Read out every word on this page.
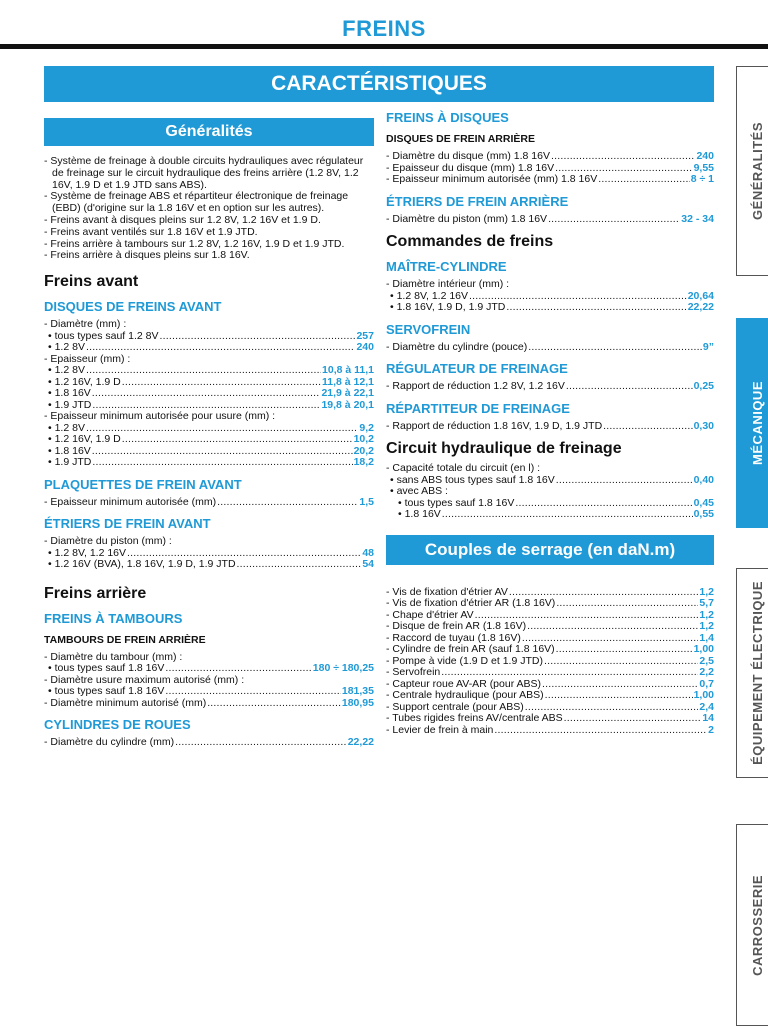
FREINS
CARACTÉRISTIQUES
Généralités

- Système de freinage à double circuits hydrauliques avec régulateur de freinage sur le circuit hydraulique des freins arrière (1.2 8V, 1.2 16V, 1.9 D et 1.9 JTD sans ABS).

- Système de freinage ABS et répartiteur électronique de freinage (EBD) (d'origine sur la 1.8 16V et en option sur les autres).

- Freins avant à disques pleins sur 1.2 8V, 1.2 16V et 1.9 D.

- Freins avant ventilés sur 1.8 16V et 1.9 JTD.

- Freins arrière à tambours sur 1.2 8V, 1.2 16V, 1.9 D et 1.9 JTD.

- Freins arrière à disques pleins sur 1.8 16V.

Freins avant
DISQUES DE FREINS AVANT
- Diamètre (mm) :
• tous types sauf 1.2 8V .....	257
• 1.2 8V .....	240
- Epaisseur (mm) :
• 1.2 8V .....	10,8 à 11,1
• 1.2 16V, 1.9 D .....	11,8 à 12,1
• 1.8 16V .....	21,9 à 22,1
• 1.9 JTD .....	19,8 à 20,1
- Epaisseur minimum autorisée pour usure (mm) :
• 1.2 8V .....	9,2
• 1.2 16V, 1.9 D .....	10,2
• 1.8 16V .....	20,2
• 1.9 JTD .....	18,2
PLAQUETTES DE FREIN AVANT
- Epaisseur minimum autorisée (mm) .....	1,5
ÉTRIERS DE FREIN AVANT
- Diamètre du piston (mm) :
• 1.2 8V, 1.2 16V .....	48
• 1.2 16V (BVA), 1.8 16V, 1.9 D, 1.9 JTD .....	54
Freins arrière
FREINS À TAMBOURS
TAMBOURS DE FREIN ARRIÈRE
- Diamètre du tambour (mm) :
• tous types sauf 1.8 16V .....	180 ÷ 180,25
- Diamètre usure maximum autorisé (mm) :
• tous types sauf 1.8 16V .....	181,35
- Diamètre minimum autorisé (mm) .....	180,95
CYLINDRES DE ROUES
- Diamètre du cylindre (mm) .....	22,22
FREINS À DISQUES
DISQUES DE FREIN ARRIÈRE
- Diamètre du disque (mm) 1.8 16V .....	240
- Epaisseur du disque (mm) 1.8 16V .....	9,55
- Epaisseur minimum autorisée (mm) 1.8 16V .....	8 ÷ 1
ÉTRIERS DE FREIN ARRIÈRE
- Diamètre du piston (mm) 1.8 16V .....	32 - 34
Commandes de freins
MAÎTRE-CYLINDRE
- Diamètre intérieur (mm) :
• 1.2 8V, 1.2 16V .....	20,64
• 1.8 16V, 1.9 D, 1.9 JTD .....	22,22
SERVOFREIN
- Diamètre du cylindre (pouce) .....	9”
RÉGULATEUR DE FREINAGE
- Rapport de réduction 1.2 8V, 1.2 16V .....	0,25
RÉPARTITEUR DE FREINAGE
- Rapport de réduction 1.8 16V, 1.9 D, 1.9 JTD .....	0,30
Circuit hydraulique de freinage
- Capacité totale du circuit (en l) :
• sans ABS tous types sauf 1.8 16V .....	0,40
• avec ABS :
• tous types sauf 1.8 16V .....	0,45
• 1.8 16V .....	0,55
Couples de serrage (en daN.m)
- Vis de fixation d'étrier AV .....	1,2
- Vis de fixation d'étrier AR (1.8 16V) .....	5,7
- Chape d'étrier AV .....	1,2
- Disque de frein AR (1.8 16V) .....	1,2
- Raccord de tuyau (1.8 16V) .....	1,4
- Cylindre de frein AR (sauf 1.8 16V) .....	1,00
- Pompe à vide (1.9 D et 1.9 JTD) .....	2,5
- Servofrein .....	2,2
- Capteur roue AV-AR (pour ABS) .....	0,7
- Centrale hydraulique (pour ABS) .....	1,00
- Support centrale (pour ABS) .....	2,4
- Tubes rigides freins AV/centrale ABS .....	14
- Levier de frein à main .....	2
GÉNÉRALITÉS
MÉCANIQUE
ÉQUIPEMENT ÉLECTRIQUE
CARROSSERIE
